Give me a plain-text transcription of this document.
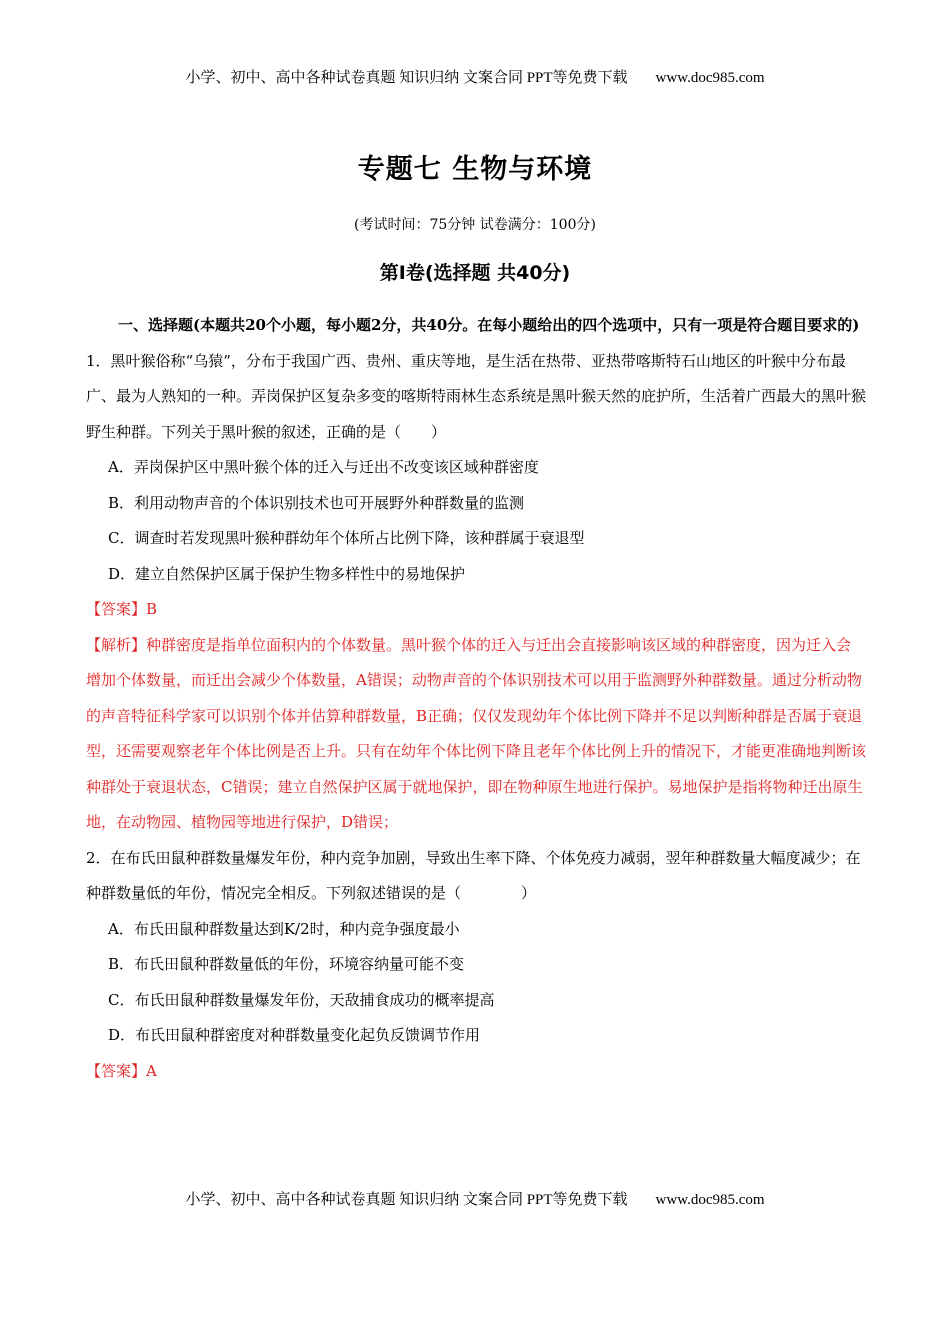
小学、初中、高中各种试卷真题 知识归纳 文案合同 PPT等免费下载 www.doc985.com
专题七 生物与环境
(考试时间：75分钟 试卷满分：100分)
第Ⅰ卷(选择题 共40分)

一、选择题(本题共20个小题，每小题2分，共40分。在每小题给出的四个选项中，只有一项是符合题目要求的)

1．黑叶猴俗称“乌猿”，分布于我国广西、贵州、重庆等地，是生活在热带、亚热带喀斯特石山地区的叶猴中分布最广、最为人熟知的一种。弄岗保护区复杂多变的喀斯特雨林生态系统是黑叶猴天然的庇护所，生活着广西最大的黑叶猴野生种群。下列关于黑叶猴的叙述，正确的是（　　）

A．弄岗保护区中黑叶猴个体的迁入与迁出不改变该区域种群密度

B．利用动物声音的个体识别技术也可开展野外种群数量的监测

C．调查时若发现黑叶猴种群幼年个体所占比例下降，该种群属于衰退型

D．建立自然保护区属于保护生物多样性中的易地保护

【答案】B

【解析】种群密度是指单位面积内的个体数量。黑叶猴个体的迁入与迁出会直接影响该区域的种群密度，因为迁入会增加个体数量，而迁出会减少个体数量，A错误；动物声音的个体识别技术可以用于监测野外种群数量。通过分析动物的声音特征科学家可以识别个体并估算种群数量，B正确；仅仅发现幼年个体比例下降并不足以判断种群是否属于衰退型，还需要观察老年个体比例是否上升。只有在幼年个体比例下降且老年个体比例上升的情况下，才能更准确地判断该种群处于衰退状态，C错误；建立自然保护区属于就地保护，即在物种原生地进行保护。易地保护是指将物种迁出原生地，在动物园、植物园等地进行保护，D错误；

2．在布氏田鼠种群数量爆发年份，种内竞争加剧，导致出生率下降、个体免疫力减弱，翌年种群数量大幅度减少；在种群数量低的年份，情况完全相反。下列叙述错误的是（　　　　）

A．布氏田鼠种群数量达到K/2时，种内竞争强度最小

B．布氏田鼠种群数量低的年份，环境容纳量可能不变

C．布氏田鼠种群数量爆发年份，天敌捕食成功的概率提高

D．布氏田鼠种群密度对种群数量变化起负反馈调节作用

【答案】A

小学、初中、高中各种试卷真题 知识归纳 文案合同 PPT等免费下载 www.doc985.com
